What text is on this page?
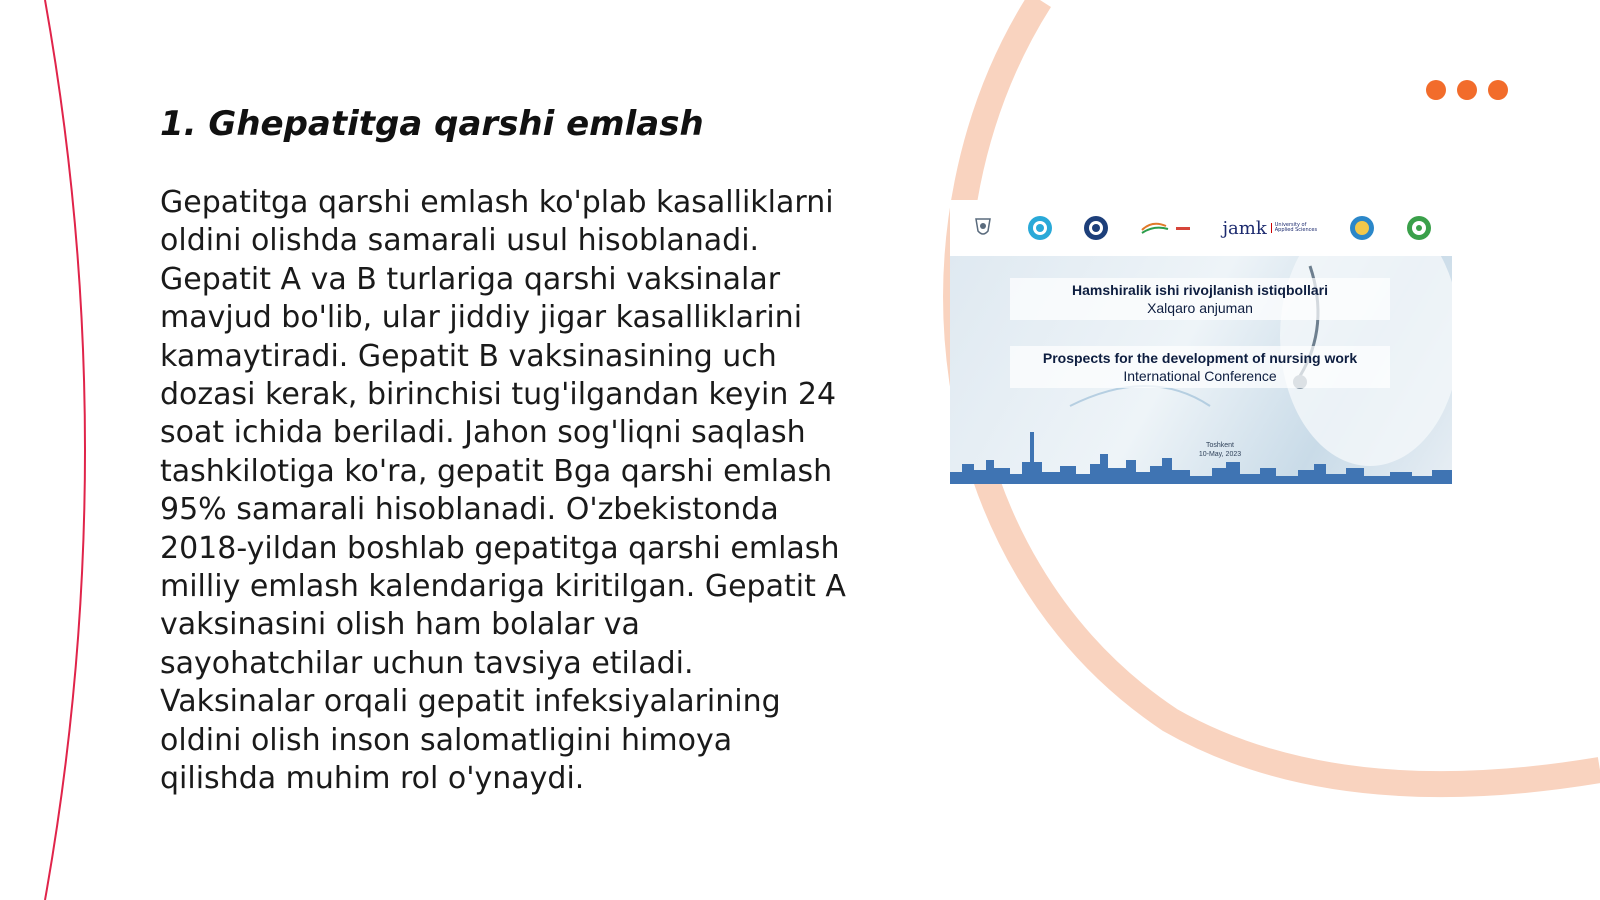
1. Ghepatitga qarshi emlash

Gepatitga qarshi emlash ko'plab kasalliklarni oldini olishda samarali usul hisoblanadi. Gepatit A va B turlariga qarshi vaksinalar mavjud bo'lib, ular jiddiy jigar kasalliklarini kamaytiradi. Gepatit B vaksinasining uch dozasi kerak, birinchisi tug'ilgandan keyin 24 soat ichida beriladi. Jahon sog'liqni saqlash tashkilotiga ko'ra, gepatit Bga qarshi emlash 95% samarali hisoblanadi. O'zbekistonda 2018-yildan boshlab gepatitga qarshi emlash milliy emlash kalendariga kiritilgan. Gepatit A vaksinasini olish ham bolalar va sayohatchilar uchun tavsiya etiladi. Vaksinalar orqali gepatit infeksiyalarining oldini olish inson salomatligini himoya qilishda muhim rol o'ynaydi.

jamk	University of Applied Sciences
Hamshiralik ishi rivojlanish istiqbollari
Xalqaro anjuman
Prospects for the development of nursing work
International Conference
Toshkent
10-May, 2023
